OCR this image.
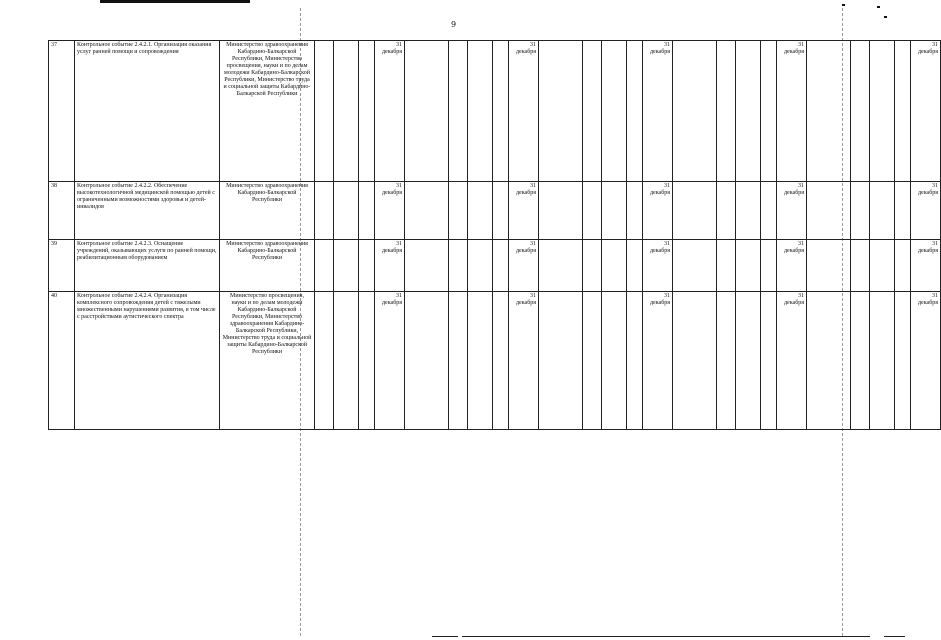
9
37	Контрольное событие 2.4.2.1. Организация оказания услуг ранней помощи и сопровождения	Министерство здравоохранения Кабардино-Балкарской Республики, Министерство просвещения, науки и по делам молодежи Кабардино-Балкарской Республики, Министерство труда и социальной защиты Кабардино-Балкарской Республики				31 декабря					31 декабря					31 декабря					31 декабря					31 декабря
38	Контрольное событие 2.4.2.2. Обеспечение высокотехнологичной медицинской помощью детей с ограниченными возможностями здоровья и детей-инвалидов	Министерство здравоохранения Кабардино-Балкарской Республики				31 декабря					31 декабря					31 декабря					31 декабря					31 декабря
39	Контрольное событие 2.4.2.3. Оснащение учреждений, оказывающих услуги по ранней помощи, реабилитационным оборудованием	Министерство здравоохранения Кабардино-Балкарской Республики				31 декабря					31 декабря					31 декабря					31 декабря					31 декабря
40	Контрольное событие 2.4.2.4. Организация комплексного сопровождения детей с тяжелыми множественными нарушениями развития, в том числе с расстройствами аутистического спектра	Министерство просвещения, науки и по делам молодежи Кабардино-Балкарской Республики, Министерство здравоохранения Кабардино-Балкарской Республики, Министерство труда и социальной защиты Кабардино-Балкарской Республики				31 декабря					31 декабря					31 декабря					31 декабря					31 декабря
